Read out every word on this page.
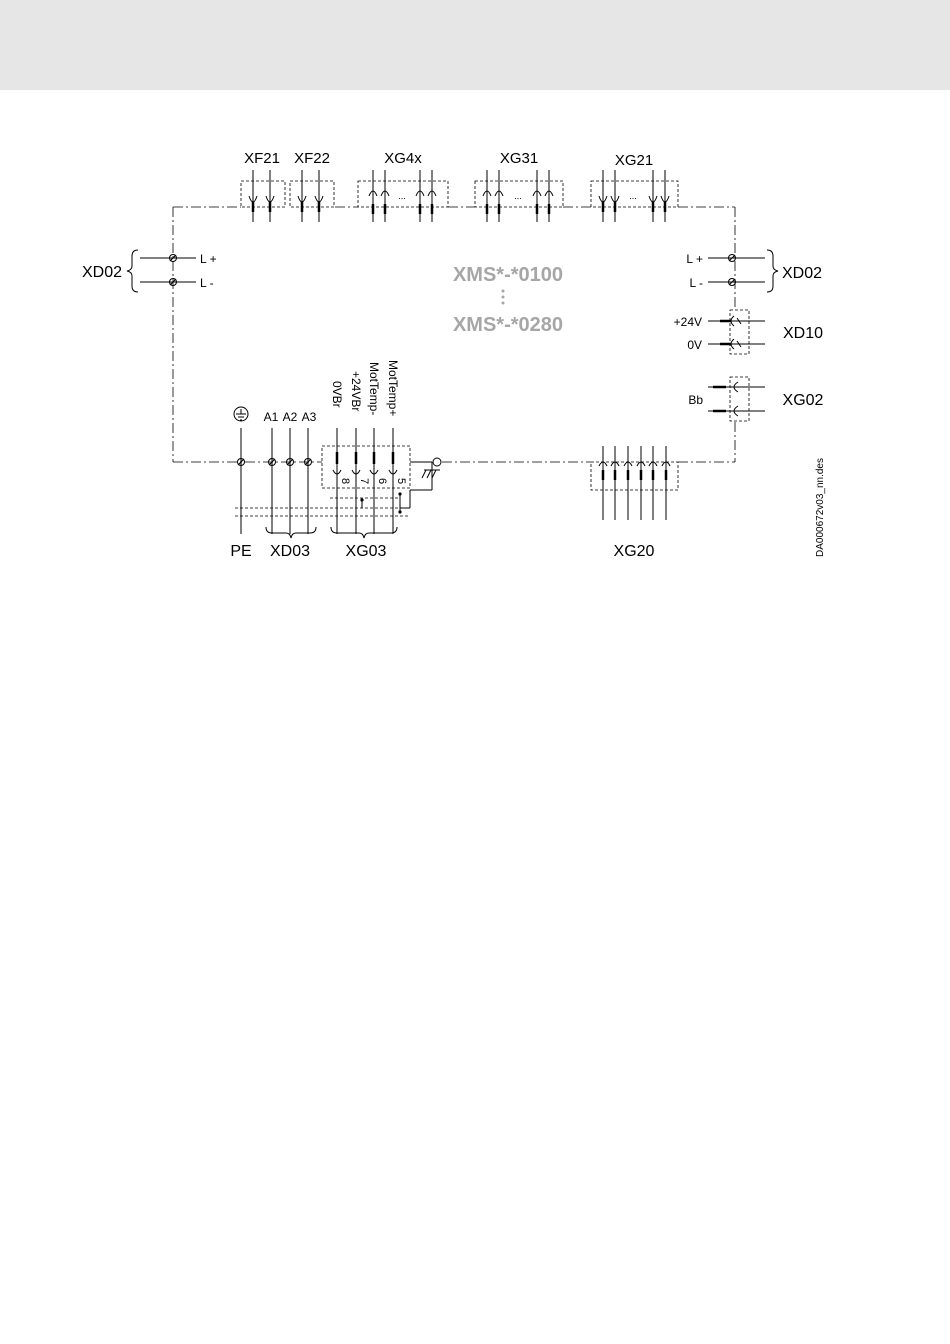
XF21 XF22	XG4x	XG31	XG21
...	...	...
XD02
L +
L -
XD02
L +
L -
XMS*-*0100
XMS*-*0280	+24V
0V
XD10
Bb	XG02
PE
A1 A2 A3
XD03
8 7 6 5
0VBr +24VBr MotTemp- MotTemp+
XG03	XG20	DA000672v03_nn.des
